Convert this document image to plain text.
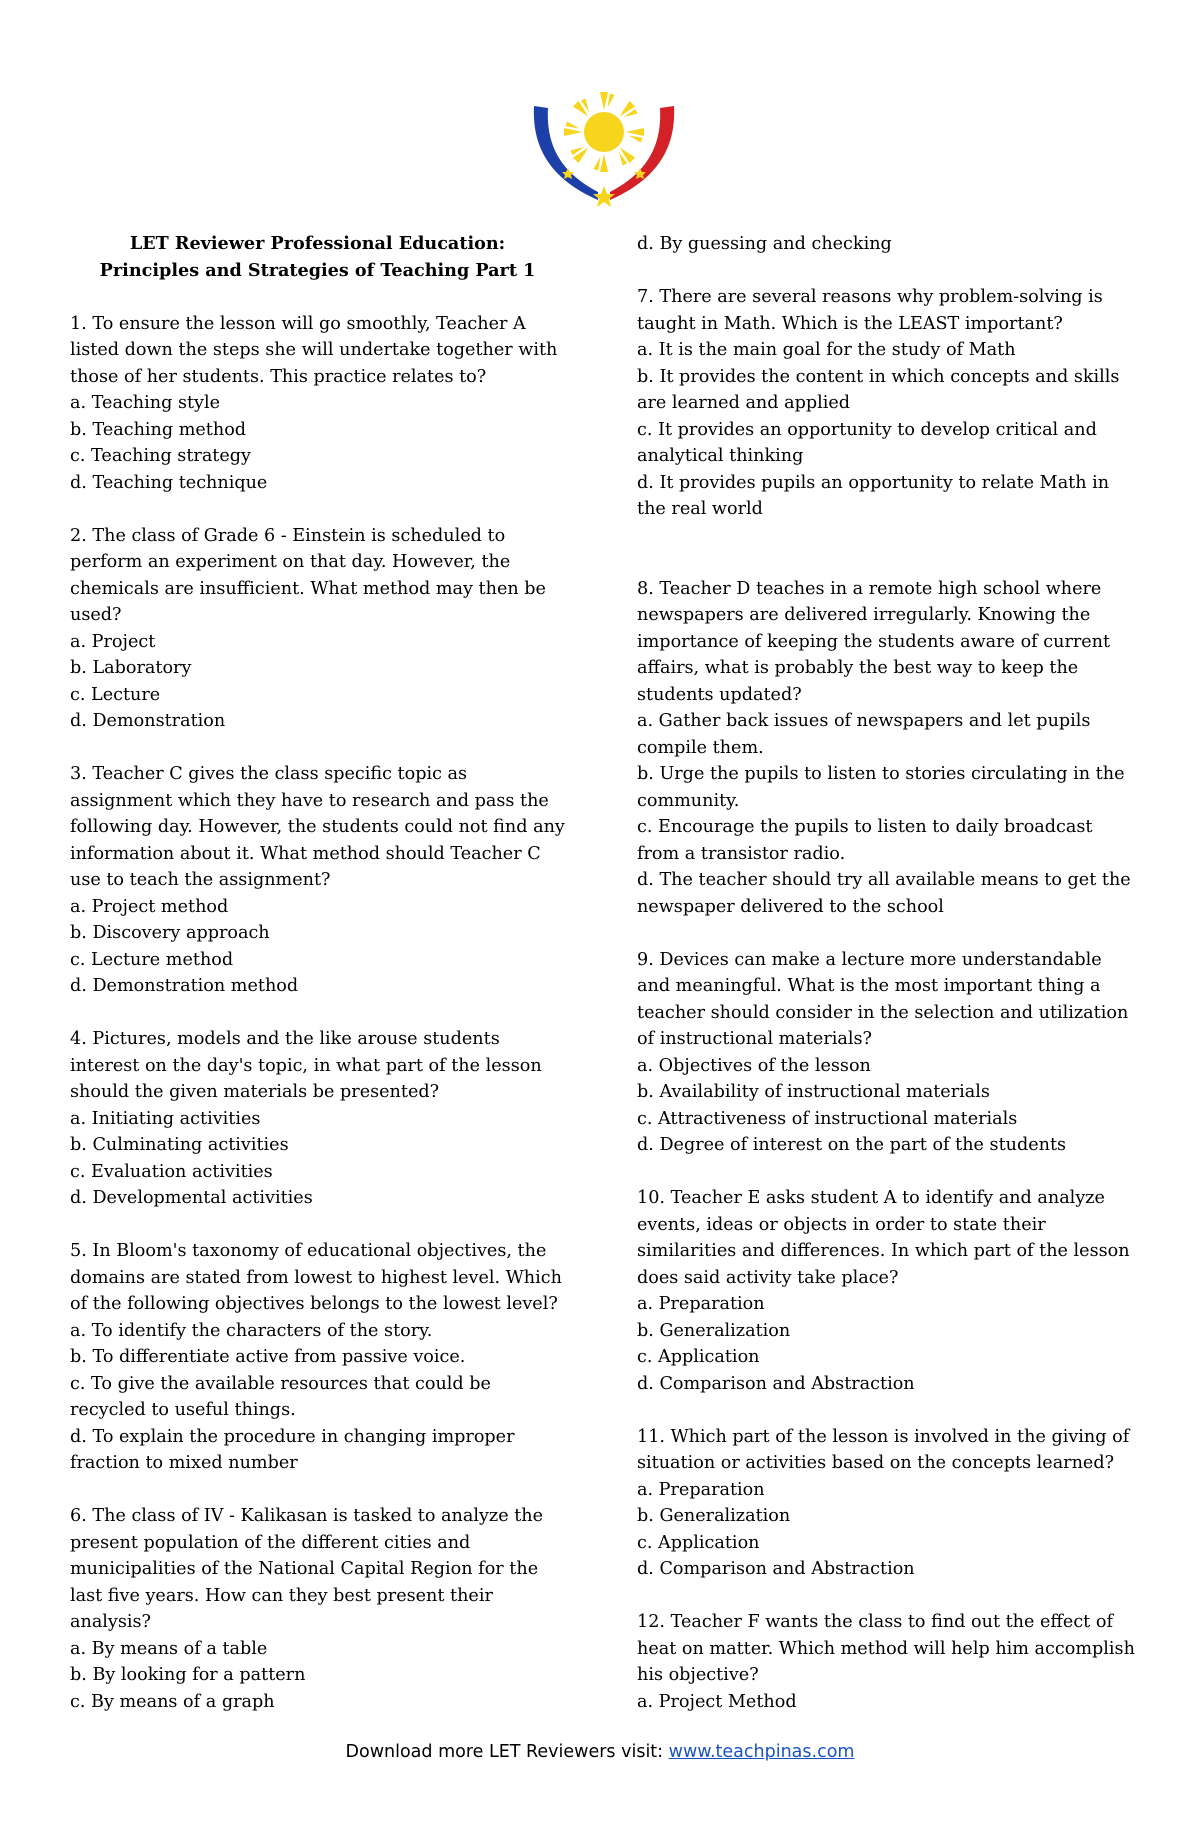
LET Reviewer Professional Education:
Principles and Strategies of Teaching Part 1
1. To ensure the lesson will go smoothly, Teacher A listed down the steps she will undertake together with those of her students. This practice relates to?
a. Teaching style
b. Teaching method
c. Teaching strategy
d. Teaching technique
2. The class of Grade 6 - Einstein is scheduled to perform an experiment on that day. However, the chemicals are insufficient. What method may then be used?
a. Project
b. Laboratory
c. Lecture
d. Demonstration
3. Teacher C gives the class specific topic as assignment which they have to research and pass the following day. However, the students could not find any information about it. What method should Teacher C use to teach the assignment?
a. Project method
b. Discovery approach
c. Lecture method
d. Demonstration method
4. Pictures, models and the like arouse students interest on the day's topic, in what part of the lesson should the given materials be presented?
a. Initiating activities
b. Culminating activities
c. Evaluation activities
d. Developmental activities
5. In Bloom's taxonomy of educational objectives, the domains are stated from lowest to highest level. Which of the following objectives belongs to the lowest level?
a. To identify the characters of the story.
b. To differentiate active from passive voice.
c. To give the available resources that could be recycled to useful things.
d. To explain the procedure in changing improper fraction to mixed number
6. The class of IV - Kalikasan is tasked to analyze the present population of the different cities and municipalities of the National Capital Region for the last five years. How can they best present their analysis?
a. By means of a table
b. By looking for a pattern
c. By means of a graph
d. By guessing and checking
7. There are several reasons why problem-solving is taught in Math. Which is the LEAST important?
a. It is the main goal for the study of Math
b. It provides the content in which concepts and skills are learned and applied
c. It provides an opportunity to develop critical and analytical thinking
d. It provides pupils an opportunity to relate Math in the real world
8. Teacher D teaches in a remote high school where newspapers are delivered irregularly. Knowing the importance of keeping the students aware of current affairs, what is probably the best way to keep the students updated?
a. Gather back issues of newspapers and let pupils compile them.
b. Urge the pupils to listen to stories circulating in the community.
c. Encourage the pupils to listen to daily broadcast from a transistor radio.
d. The teacher should try all available means to get the newspaper delivered to the school
9. Devices can make a lecture more understandable and meaningful. What is the most important thing a teacher should consider in the selection and utilization of instructional materials?
a. Objectives of the lesson
b. Availability of instructional materials
c. Attractiveness of instructional materials
d. Degree of interest on the part of the students
10. Teacher E asks student A to identify and analyze events, ideas or objects in order to state their similarities and differences. In which part of the lesson does said activity take place?
a. Preparation
b. Generalization
c. Application
d. Comparison and Abstraction
11. Which part of the lesson is involved in the giving of situation or activities based on the concepts learned?
a. Preparation
b. Generalization
c. Application
d. Comparison and Abstraction
12. Teacher F wants the class to find out the effect of heat on matter. Which method will help him accomplish his objective?
a. Project Method
Download more LET Reviewers visit: www.teachpinas.com
